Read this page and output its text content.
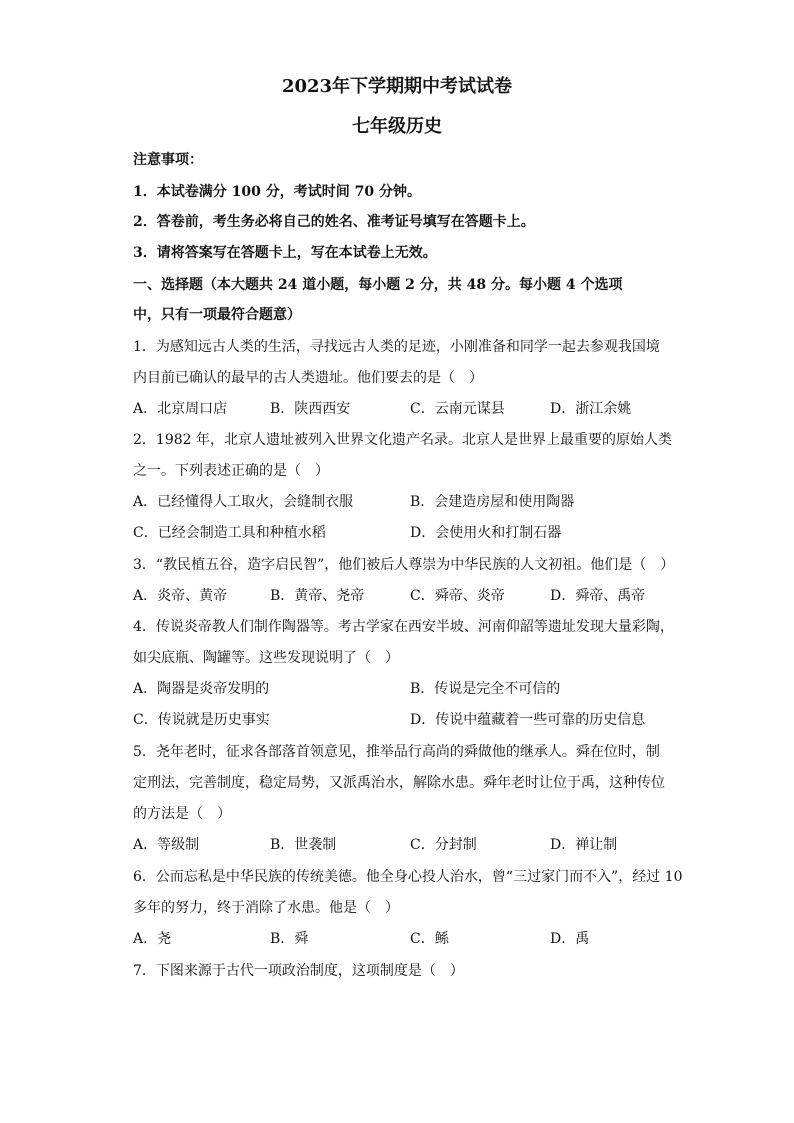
2023年下学期期中考试试卷
七年级历史
注意事项：
1．本试卷满分 100 分，考试时间 70 分钟。
2．答卷前，考生务必将自己的姓名、准考证号填写在答题卡上。
3．请将答案写在答题卡上，写在本试卷上无效。
一、选择题（本大题共 24 道小题，每小题 2 分，共 48 分。每小题 4 个选项
中，只有一项最符合题意）
1．为感知远古人类的生活，寻找远古人类的足迹，小刚准备和同学一起去参观我国境
内目前已确认的最早的古人类遗址。他们要去的是（　）
A．北京周口店	B．陕西西安	C．云南元谋县	D．浙江余姚
2．1982 年，北京人遗址被列入世界文化遗产名录。北京人是世界上最重要的原始人类
之一。下列表述正确的是（　）
A．已经懂得人工取火，会缝制衣服	B．会建造房屋和使用陶器
C．已经会制造工具和种植水稻	D．会使用火和打制石器
3．“教民植五谷，造字启民智”，他们被后人尊崇为中华民族的人文初祖。他们是（　）
A．炎帝、黄帝	B．黄帝、尧帝	C．舜帝、炎帝	D．舜帝、禹帝
4．传说炎帝教人们制作陶器等。考古学家在西安半坡、河南仰韶等遗址发现大量彩陶，
如尖底瓶、陶罐等。这些发现说明了（　）
A．陶器是炎帝发明的	B．传说是完全不可信的
C．传说就是历史事实	D．传说中蕴藏着一些可靠的历史信息
5．尧年老时，征求各部落首领意见，推举品行高尚的舜做他的继承人。舜在位时，制
定刑法，完善制度，稳定局势，又派禹治水，解除水患。舜年老时让位于禹，这种传位
的方法是（　）
A．等级制	B．世袭制	C．分封制	D．禅让制
6．公而忘私是中华民族的传统美德。他全身心投人治水，曾“三过家门而不入”，经过 10
多年的努力，终于消除了水患。他是（　）
A．尧	B．舜	C．鲧	D．禹
7．下图来源于古代一项政治制度，这项制度是（　）
